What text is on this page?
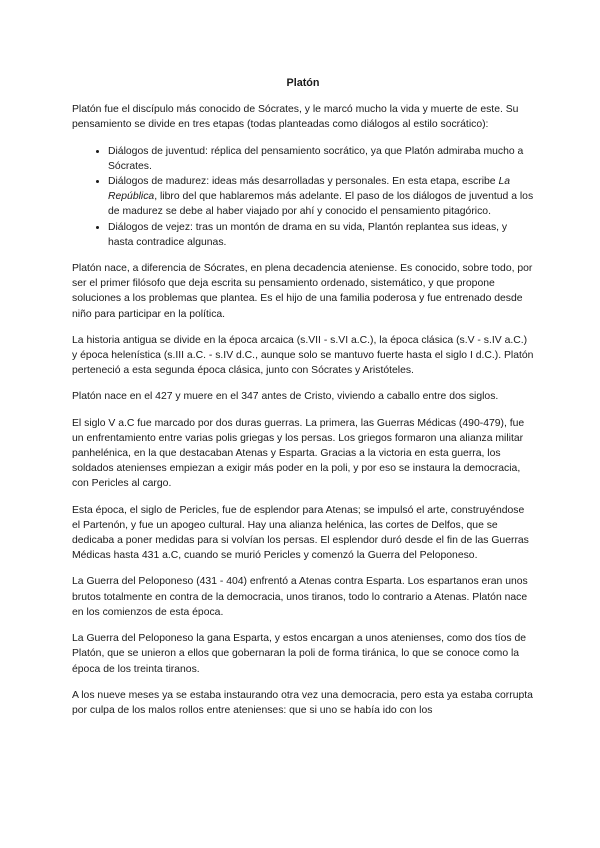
Platón

Platón fue el discípulo más conocido de Sócrates, y le marcó mucho la vida y muerte de este. Su pensamiento se divide en tres etapas (todas planteadas como diálogos al estilo socrático):

• Diálogos de juventud: réplica del pensamiento socrático, ya que Platón admiraba mucho a Sócrates.
• Diálogos de madurez: ideas más desarrolladas y personales. En esta etapa, escribe La República, libro del que hablaremos más adelante. El paso de los diálogos de juventud a los de madurez se debe al haber viajado por ahí y conocido el pensamiento pitagórico.
• Diálogos de vejez: tras un montón de drama en su vida, Plantón replantea sus ideas, y hasta contradice algunas.

Platón nace, a diferencia de Sócrates, en plena decadencia ateniense. Es conocido, sobre todo, por ser el primer filósofo que deja escrita su pensamiento ordenado, sistemático, y que propone soluciones a los problemas que plantea. Es el hijo de una familia poderosa y fue entrenado desde niño para participar en la política.

La historia antigua se divide en la época arcaica (s.VII - s.VI a.C.), la época clásica (s.V - s.IV a.C.) y época helenística (s.III a.C. - s.IV d.C., aunque solo se mantuvo fuerte hasta el siglo I d.C.). Platón perteneció a esta segunda época clásica, junto con Sócrates y Aristóteles.

Platón nace en el 427 y muere en el 347 antes de Cristo, viviendo a caballo entre dos siglos.

El siglo V a.C fue marcado por dos duras guerras. La primera, las Guerras Médicas (490-479), fue un enfrentamiento entre varias polis griegas y los persas. Los griegos formaron una alianza militar panhelénica, en la que destacaban Atenas y Esparta. Gracias a la victoria en esta guerra, los soldados atenienses empiezan a exigir más poder en la poli, y por eso se instaura la democracia, con Pericles al cargo.

Esta época, el siglo de Pericles, fue de esplendor para Atenas; se impulsó el arte, construyéndose el Partenón, y fue un apogeo cultural. Hay una alianza helénica, las cortes de Delfos, que se dedicaba a poner medidas para si volvían los persas. El esplendor duró desde el fin de las Guerras Médicas hasta 431 a.C, cuando se murió Pericles y comenzó la Guerra del Peloponeso.

La Guerra del Peloponeso (431 - 404) enfrentó a Atenas contra Esparta. Los espartanos eran unos brutos totalmente en contra de la democracia, unos tiranos, todo lo contrario a Atenas. Platón nace en los comienzos de esta época.

La Guerra del Peloponeso la gana Esparta, y estos encargan a unos atenienses, como dos tíos de Platón, que se unieron a ellos que gobernaran la poli de forma tiránica, lo que se conoce como la época de los treinta tiranos.

A los nueve meses ya se estaba instaurando otra vez una democracia, pero esta ya estaba corrupta por culpa de los malos rollos entre atenienses: que si uno se había ido con los
